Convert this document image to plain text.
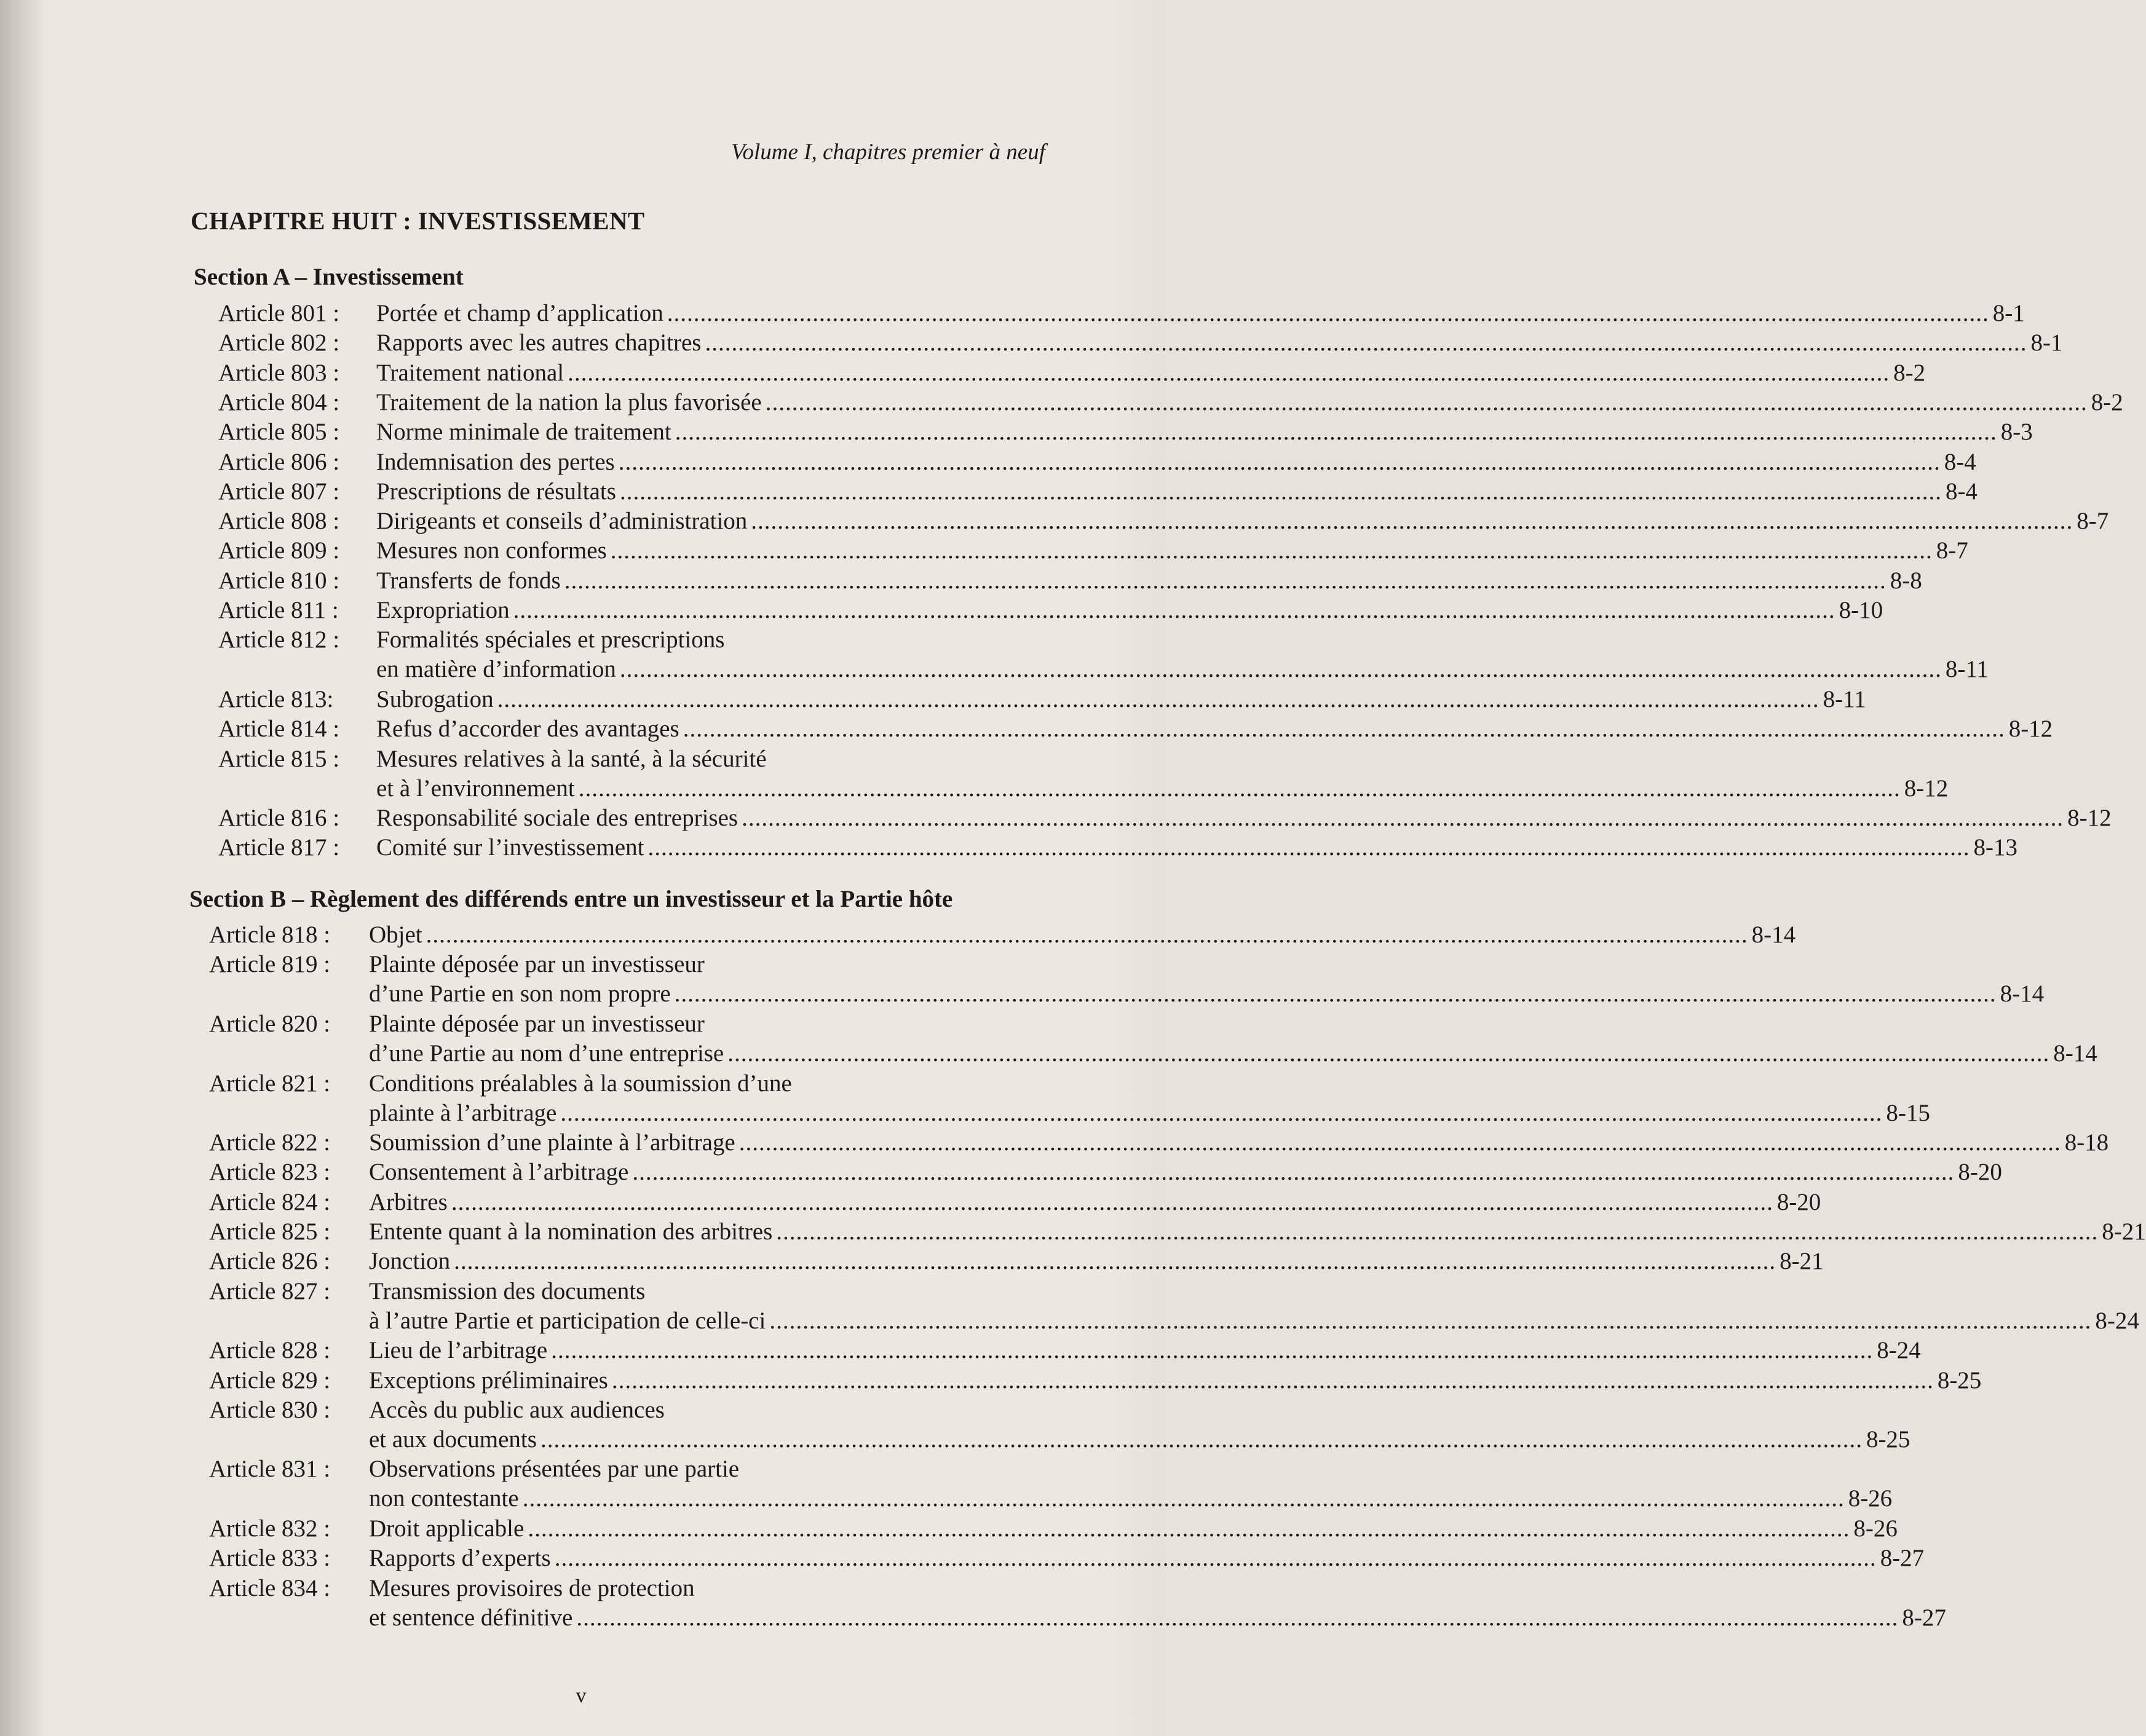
Volume I, chapitres premier à neuf
CHAPITRE HUIT : INVESTISSEMENT
Section A – Investissement
Article 801 : Portée et champ d’application ........................................................................................................................................................................................................ 8-1
Article 802 : Rapports avec les autres chapitres ........................................................................................................................................................................................................ 8-1
Article 803 : Traitement national ........................................................................................................................................................................................................ 8-2
Article 804 : Traitement de la nation la plus favorisée ........................................................................................................................................................................................................ 8-2
Article 805 : Norme minimale de traitement ........................................................................................................................................................................................................ 8-3
Article 806 : Indemnisation des pertes ........................................................................................................................................................................................................ 8-4
Article 807 : Prescriptions de résultats ........................................................................................................................................................................................................ 8-4
Article 808 : Dirigeants et conseils d’administration ........................................................................................................................................................................................................ 8-7
Article 809 : Mesures non conformes ........................................................................................................................................................................................................ 8-7
Article 810 : Transferts de fonds ........................................................................................................................................................................................................ 8-8
Article 811 : Expropriation ........................................................................................................................................................................................................ 8-10
Article 812 : Formalités spéciales et prescriptions
en matière d’information ........................................................................................................................................................................................................ 8-11
Article 813: Subrogation ........................................................................................................................................................................................................ 8-11
Article 814 : Refus d’accorder des avantages ........................................................................................................................................................................................................ 8-12
Article 815 : Mesures relatives à la santé, à la sécurité
et à l’environnement ........................................................................................................................................................................................................ 8-12
Article 816 : Responsabilité sociale des entreprises ........................................................................................................................................................................................................ 8-12
Article 817 : Comité sur l’investissement ........................................................................................................................................................................................................ 8-13
Section B – Règlement des différends entre un investisseur et la Partie hôte
Article 818 : Objet ........................................................................................................................................................................................................ 8-14
Article 819 : Plainte déposée par un investisseur
d’une Partie en son nom propre ........................................................................................................................................................................................................ 8-14
Article 820 : Plainte déposée par un investisseur
d’une Partie au nom d’une entreprise ........................................................................................................................................................................................................ 8-14
Article 821 : Conditions préalables à la soumission d’une
plainte à l’arbitrage ........................................................................................................................................................................................................ 8-15
Article 822 : Soumission d’une plainte à l’arbitrage ........................................................................................................................................................................................................ 8-18
Article 823 : Consentement à l’arbitrage ........................................................................................................................................................................................................ 8-20
Article 824 : Arbitres ........................................................................................................................................................................................................ 8-20
Article 825 : Entente quant à la nomination des arbitres ........................................................................................................................................................................................................ 8-21
Article 826 : Jonction ........................................................................................................................................................................................................ 8-21
Article 827 : Transmission des documents
à l’autre Partie et participation de celle-ci ........................................................................................................................................................................................................ 8-24
Article 828 : Lieu de l’arbitrage ........................................................................................................................................................................................................ 8-24
Article 829 : Exceptions préliminaires ........................................................................................................................................................................................................ 8-25
Article 830 : Accès du public aux audiences
et aux documents ........................................................................................................................................................................................................ 8-25
Article 831 : Observations présentées par une partie
non contestante ........................................................................................................................................................................................................ 8-26
Article 832 : Droit applicable ........................................................................................................................................................................................................ 8-26
Article 833 : Rapports d’experts ........................................................................................................................................................................................................ 8-27
Article 834 : Mesures provisoires de protection
et sentence définitive ........................................................................................................................................................................................................ 8-27
v
